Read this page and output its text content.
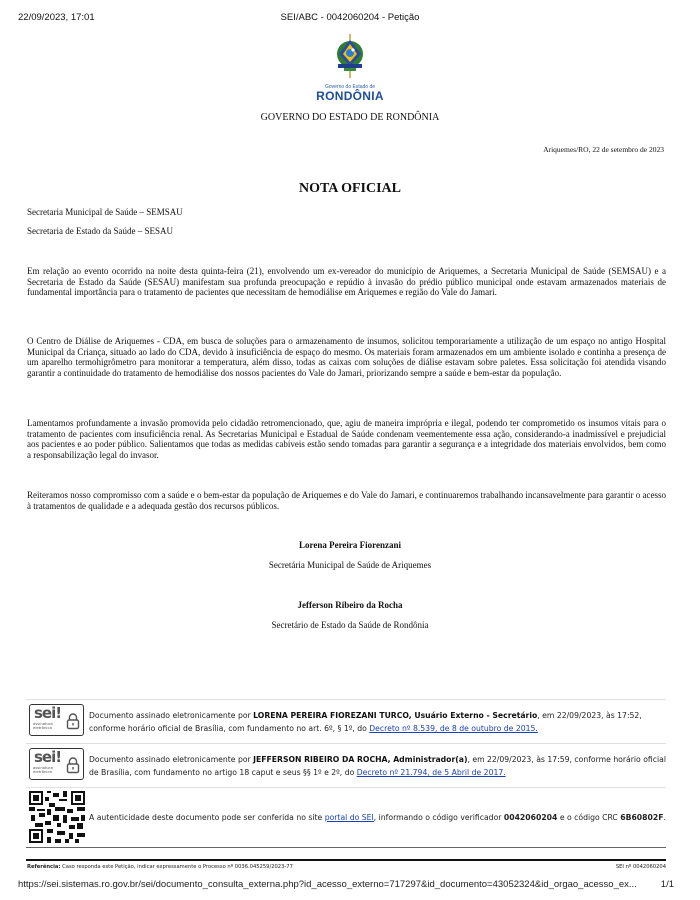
22/09/2023, 17:01	SEI/ABC - 0042060204 - Petição
Governo do Estado de
RONDÔNIA
GOVERNO DO ESTADO DE RONDÔNIA
Ariquemes/RO, 22 de setembro de 2023
NOTA OFICIAL
Secretaria Municipal de Saúde – SEMSAU
Secretaria de Estado da Saúde – SESAU
Em relação ao evento ocorrido na noite desta quinta-feira (21), envolvendo um ex-vereador do município de Ariquemes, a Secretaria Municipal de Saúde (SEMSAU) e a Secretaria de Estado da Saúde (SESAU) manifestam sua profunda preocupação e repúdio à invasão do prédio público municipal onde estavam armazenados materiais de fundamental importância para o tratamento de pacientes que necessitam de hemodiálise em Ariquemes e região do Vale do Jamari.
O Centro de Diálise de Ariquemes - CDA, em busca de soluções para o armazenamento de insumos, solicitou temporariamente a utilização de um espaço no antigo Hospital Municipal da Criança, situado ao lado do CDA, devido à insuficiência de espaço do mesmo. Os materiais foram armazenados em um ambiente isolado e continha a presença de um aparelho termohigrômetro para monitorar a temperatura, além disso, todas as caixas com soluções de diálise estavam sobre paletes. Essa solicitação foi atendida visando garantir a continuidade do tratamento de hemodiálise dos nossos pacientes do Vale do Jamari, priorizando sempre a saúde e bem-estar da população.
Lamentamos profundamente a invasão promovida pelo cidadão retromencionado, que, agiu de maneira imprópria e ilegal, podendo ter comprometido os insumos vitais para o tratamento de pacientes com insuficiência renal. As Secretarias Municipal e Estadual de Saúde condenam veementemente essa ação, considerando-a inadmissível e prejudicial aos pacientes e ao poder público. Salientamos que todas as medidas cabíveis estão sendo tomadas para garantir a segurança e a integridade dos materiais envolvidos, bem como a responsabilização legal do invasor.
Reiteramos nosso compromisso com a saúde e o bem-estar da população de Ariquemes e do Vale do Jamari, e continuaremos trabalhando incansavelmente para garantir o acesso à tratamentos de qualidade e a adequada gestão dos recursos públicos.
Lorena Pereira Fiorenzani
Secretária Municipal de Saúde de Ariquemes
Jefferson Ribeiro da Rocha
Secretário de Estado da Saúde de Rondônia
sei!
assinatura
eletrônica
Documento assinado eletronicamente por LORENA PEREIRA FIOREZANI TURCO, Usuário Externo - Secretário, em 22/09/2023, às 17:52, conforme horário oficial de Brasília, com fundamento no art. 6º, § 1º, do Decreto nº 8.539, de 8 de outubro de 2015.
sei!
assinatura
eletrônica
Documento assinado eletronicamente por JEFFERSON RIBEIRO DA ROCHA, Administrador(a), em 22/09/2023, às 17:59, conforme horário oficial de Brasília, com fundamento no artigo 18 caput e seus §§ 1º e 2º, do Decreto nº 21.794, de 5 Abril de 2017.
A autenticidade deste documento pode ser conferida no site portal do SEI, informando o código verificador 0042060204 e o código CRC 6B60802F.
Referência: Caso responda este Petição, indicar expressamente o Processo nº 0036.045259/2023-77	SEI nº 0042060204
https://sei.sistemas.ro.gov.br/sei/documento_consulta_externa.php?id_acesso_externo=717297&id_documento=43052324&id_orgao_acesso_ex...	1/1
